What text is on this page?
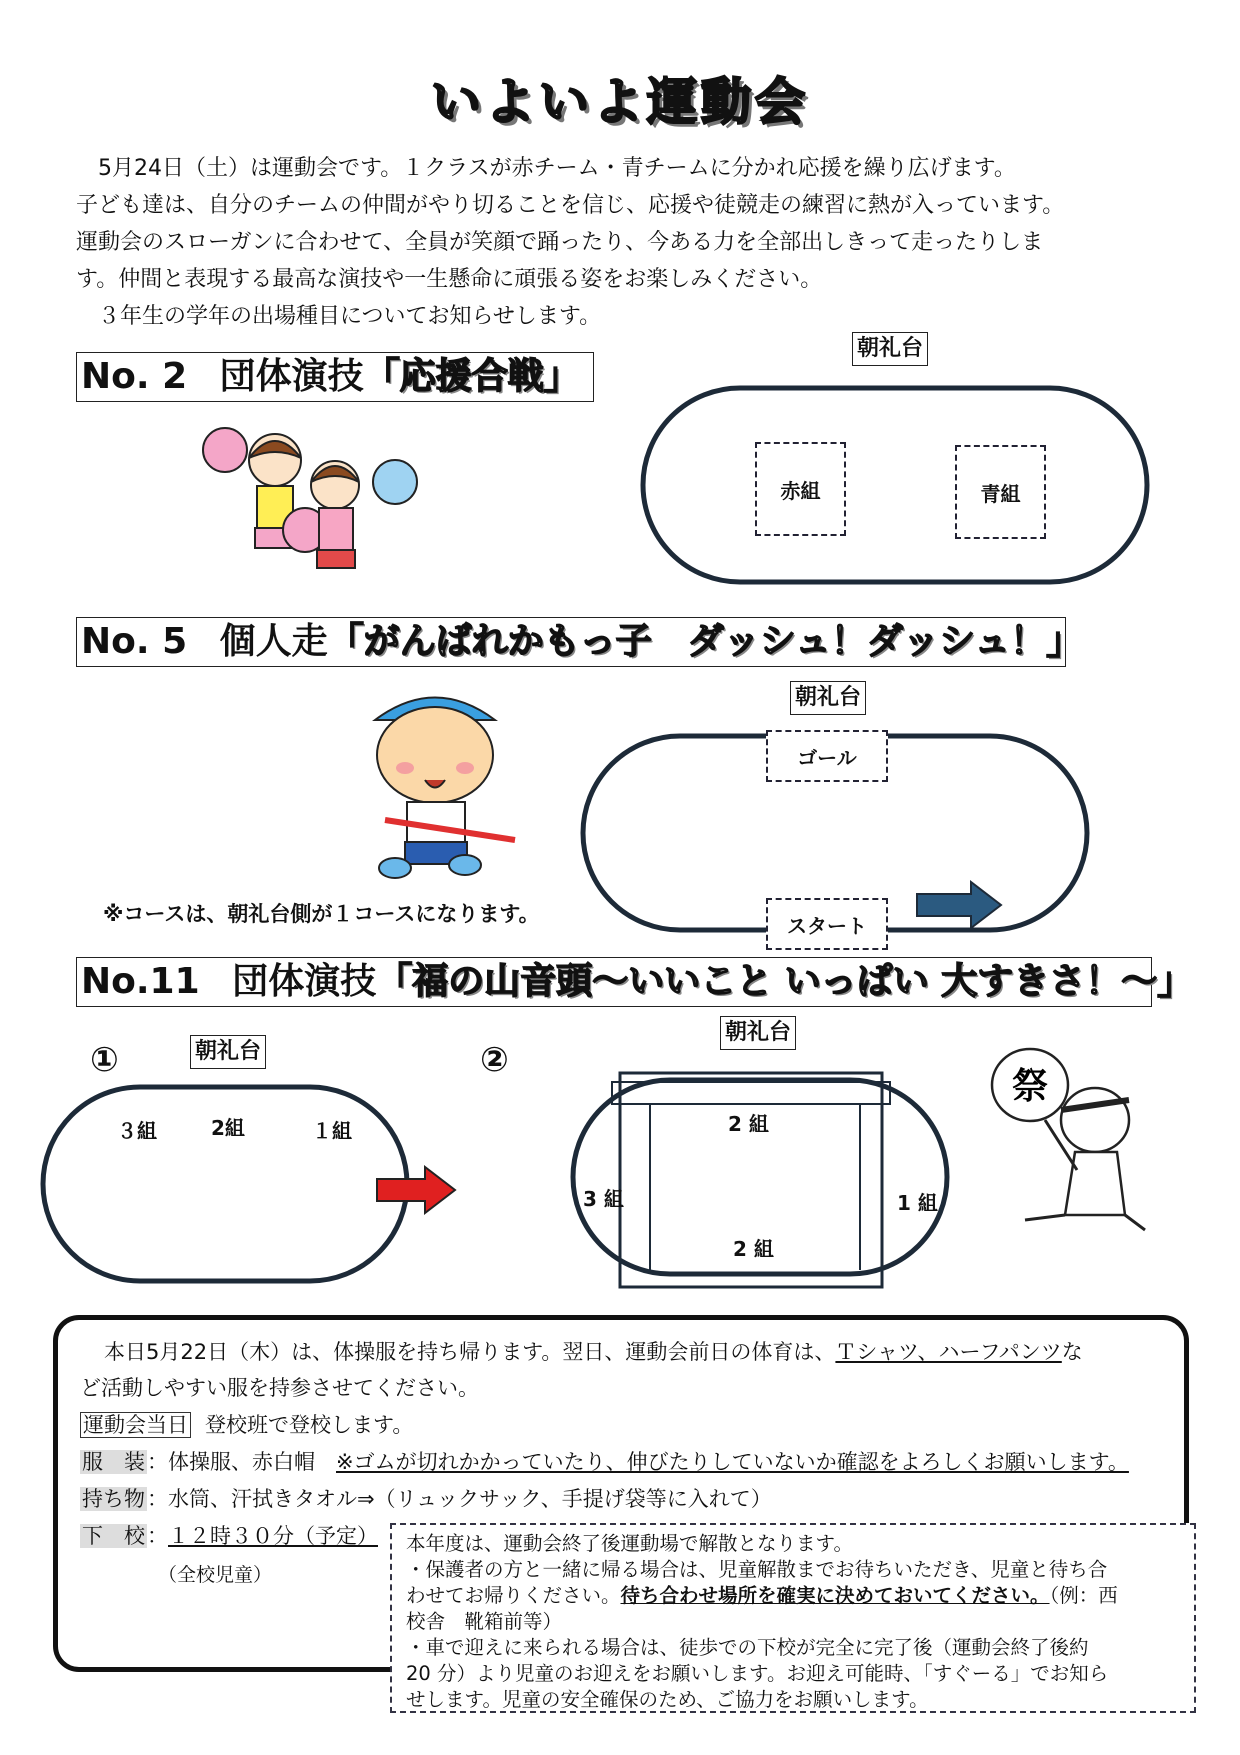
いよいよ運動会

5月24日（土）は運動会です。１クラスが赤チーム・青チームに分かれ応援を繰り広げます。

子ども達は、自分のチームの仲間がやり切ることを信じ、応援や徒競走の練習に熱が入っています。

運動会のスローガンに合わせて、全員が笑顔で踊ったり、今ある力を全部出しきって走ったりしま

す。仲間と表現する最高な演技や一生懸命に頑張る姿をお楽しみください。

３年生の学年の出場種目についてお知らせします。

No. 2 団体演技「応援合戦」
朝礼台
赤組	青組
No. 5 個人走「がんばれかもっ子　ダッシュ！ダッシュ！」
※コースは、朝礼台側が１コースになります。
朝礼台
ゴール
スタート
No.11 団体演技「福の山音頭～いいこと いっぱい 大すきさ！～」
①	朝礼台
３組	2組	１組
②
朝礼台
2 組
3 組	1 組
2 組
祭
本日5月22日（木）は、体操服を持ち帰ります。翌日、運動会前日の体育は、Ｔシャツ、ハーフパンツな
ど活動しやすい服を持参させてください。
運動会当日 登校班で登校します。
服　装：体操服、赤白帽　※ゴムが切れかかっていたり、伸びたりしていないか確認をよろしくお願いします。
持ち物：水筒、汗拭きタオル⇒（リュックサック、手提げ袋等に入れて）
下　校：１２時３０分（予定）
（全校児童）

本年度は、運動会終了後運動場で解散となります。

・保護者の方と一緒に帰る場合は、児童解散までお待ちいただき、児童と待ち合

わせてお帰りください。待ち合わせ場所を確実に決めておいてください。（例：西

校舎　靴箱前等）

・車で迎えに来られる場合は、徒歩での下校が完全に完了後（運動会終了後約

20 分）より児童のお迎えをお願いします。お迎え可能時、「すぐーる」でお知ら

せします。児童の安全確保のため、ご協力をお願いします。
